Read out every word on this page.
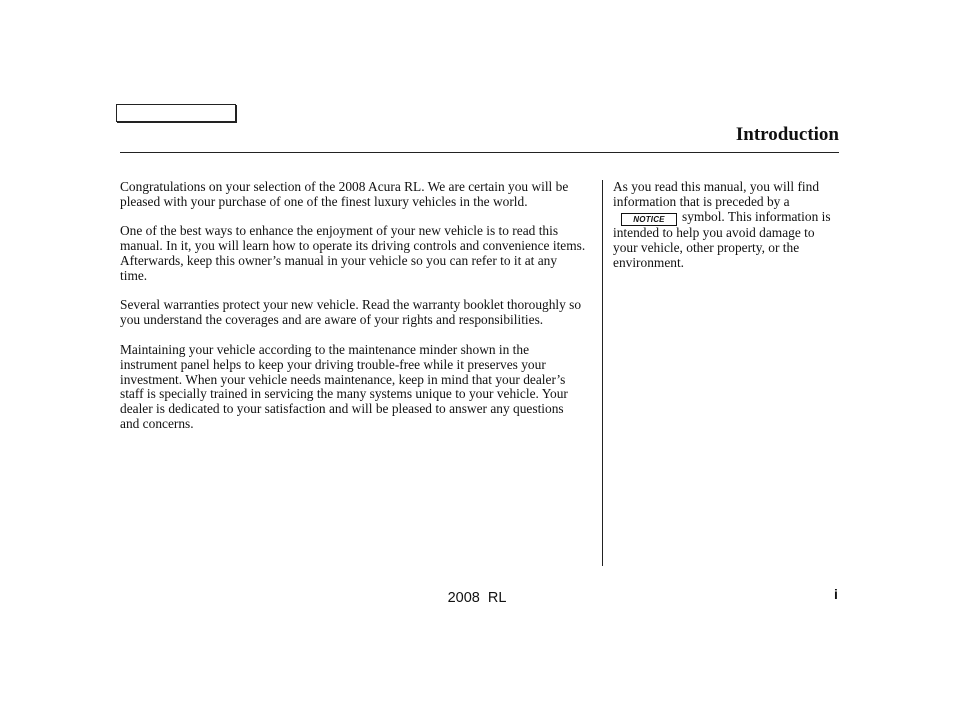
Introduction

Congratulations on your selection of the 2008 Acura RL. We are certain you will be pleased with your purchase of one of the finest luxury vehicles in the world.

One of the best ways to enhance the enjoyment of your new vehicle is to read this manual. In it, you will learn how to operate its driving controls and convenience items. Afterwards, keep this owner’s manual in your vehicle so you can refer to it at any time.

Several warranties protect your new vehicle. Read the warranty booklet thoroughly so you understand the coverages and are aware of your rights and responsibilities.

Maintaining your vehicle according to the maintenance minder shown in the instrument panel helps to keep your driving trouble-free while it preserves your investment. When your vehicle needs maintenance, keep in mind that your dealer’s staff is specially trained in servicing the many systems unique to your vehicle. Your dealer is dedicated to your satisfaction and will be pleased to answer any questions and concerns.

As you read this manual, you will find information that is preceded by a
NOTICE	symbol. This information is intended to help you avoid damage to your vehicle, other property, or the environment.

2008  RL	i
